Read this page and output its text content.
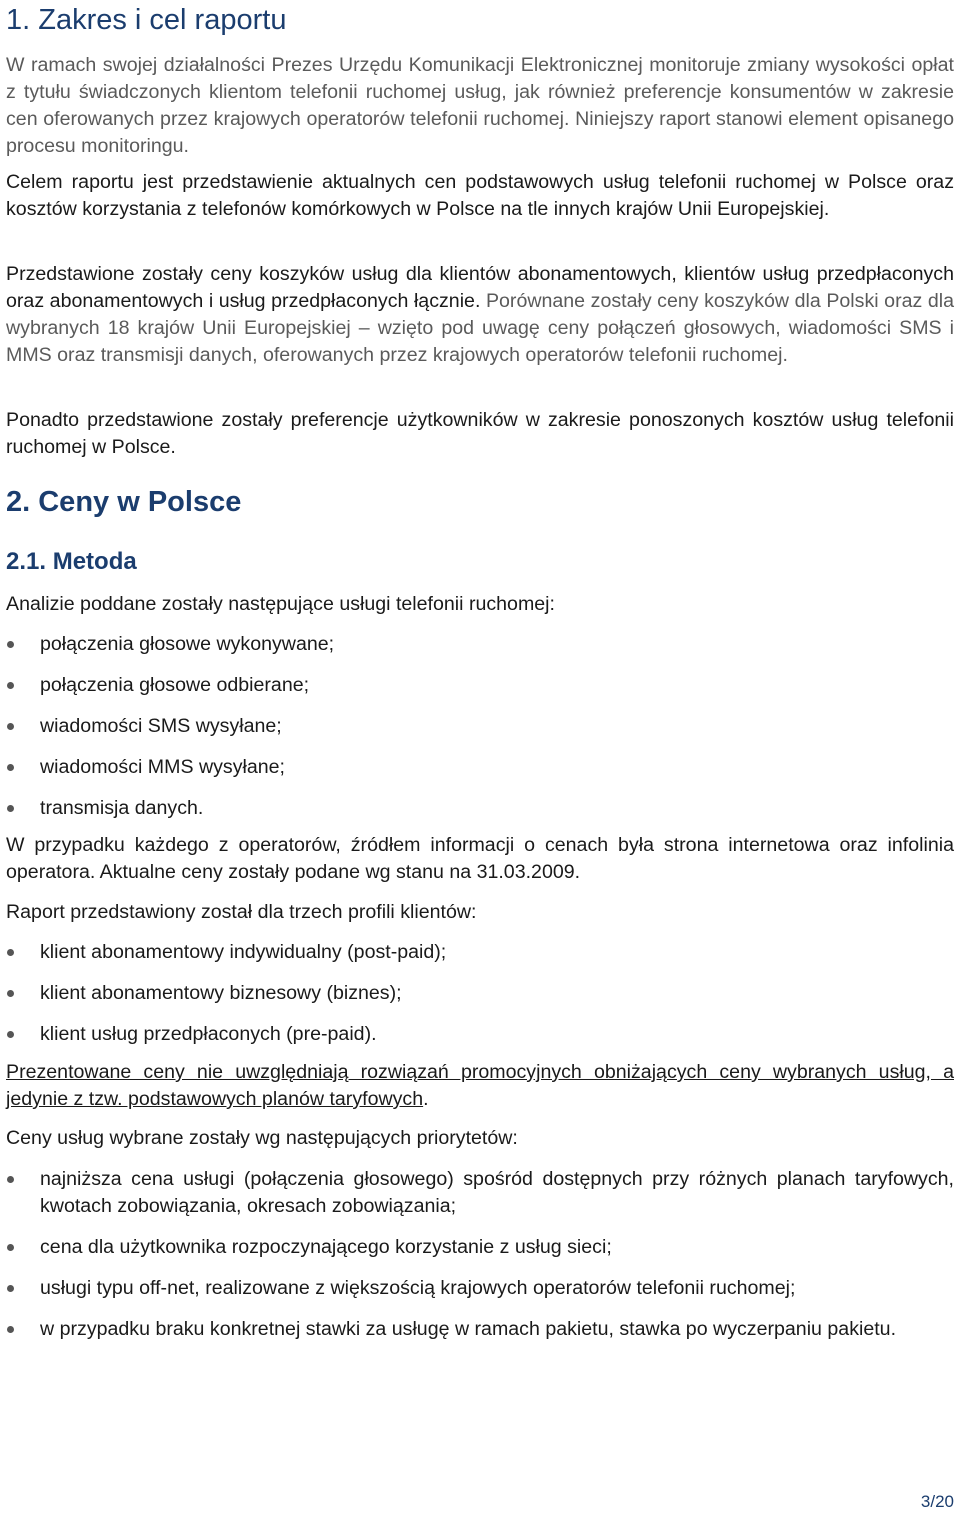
1. Zakres i cel raportu

W ramach swojej działalności Prezes Urzędu Komunikacji Elektronicznej monitoruje zmiany wysokości opłat z tytułu świadczonych klientom telefonii ruchomej usług, jak również preferencje konsumentów w zakresie cen oferowanych przez krajowych operatorów telefonii ruchomej. Niniejszy raport stanowi element opisanego procesu monitoringu.

Celem raportu jest przedstawienie aktualnych cen podstawowych usług telefonii ruchomej w Polsce oraz kosztów korzystania z telefonów komórkowych w Polsce na tle innych krajów Unii Europejskiej.

Przedstawione zostały ceny koszyków usług dla klientów abonamentowych, klientów usług przedpłaconych oraz abonamentowych i usług przedpłaconych łącznie. Porównane zostały ceny koszyków dla Polski oraz dla wybranych 18 krajów Unii Europejskiej – wzięto pod uwagę ceny połączeń głosowych, wiadomości SMS i MMS oraz transmisji danych, oferowanych przez krajowych operatorów telefonii ruchomej.

Ponadto przedstawione zostały preferencje użytkowników w zakresie ponoszonych kosztów usług telefonii ruchomej w Polsce.

2. Ceny w Polsce
2.1. Metoda

Analizie poddane zostały następujące usługi telefonii ruchomej:

połączenia głosowe wykonywane;
połączenia głosowe odbierane;
wiadomości SMS wysyłane;
wiadomości MMS wysyłane;
transmisja danych.

W przypadku każdego z operatorów, źródłem informacji o cenach była strona internetowa oraz infolinia operatora. Aktualne ceny zostały podane wg stanu na 31.03.2009.

Raport przedstawiony został dla trzech profili klientów:

klient abonamentowy indywidualny (post-paid);
klient abonamentowy biznesowy (biznes);
klient usług przedpłaconych (pre-paid).

Prezentowane ceny nie uwzględniają rozwiązań promocyjnych obniżających ceny wybranych usług, a jedynie z tzw. podstawowych planów taryfowych.

Ceny usług wybrane zostały wg następujących priorytetów:

najniższa cena usługi (połączenia głosowego) spośród dostępnych przy różnych planach taryfowych, kwotach zobowiązania, okresach zobowiązania;
cena dla użytkownika rozpoczynającego korzystanie z usług sieci;
usługi typu off-net, realizowane z większością krajowych operatorów telefonii ruchomej;
w przypadku braku konkretnej stawki za usługę w ramach pakietu, stawka po wyczerpaniu pakietu.
3/20
